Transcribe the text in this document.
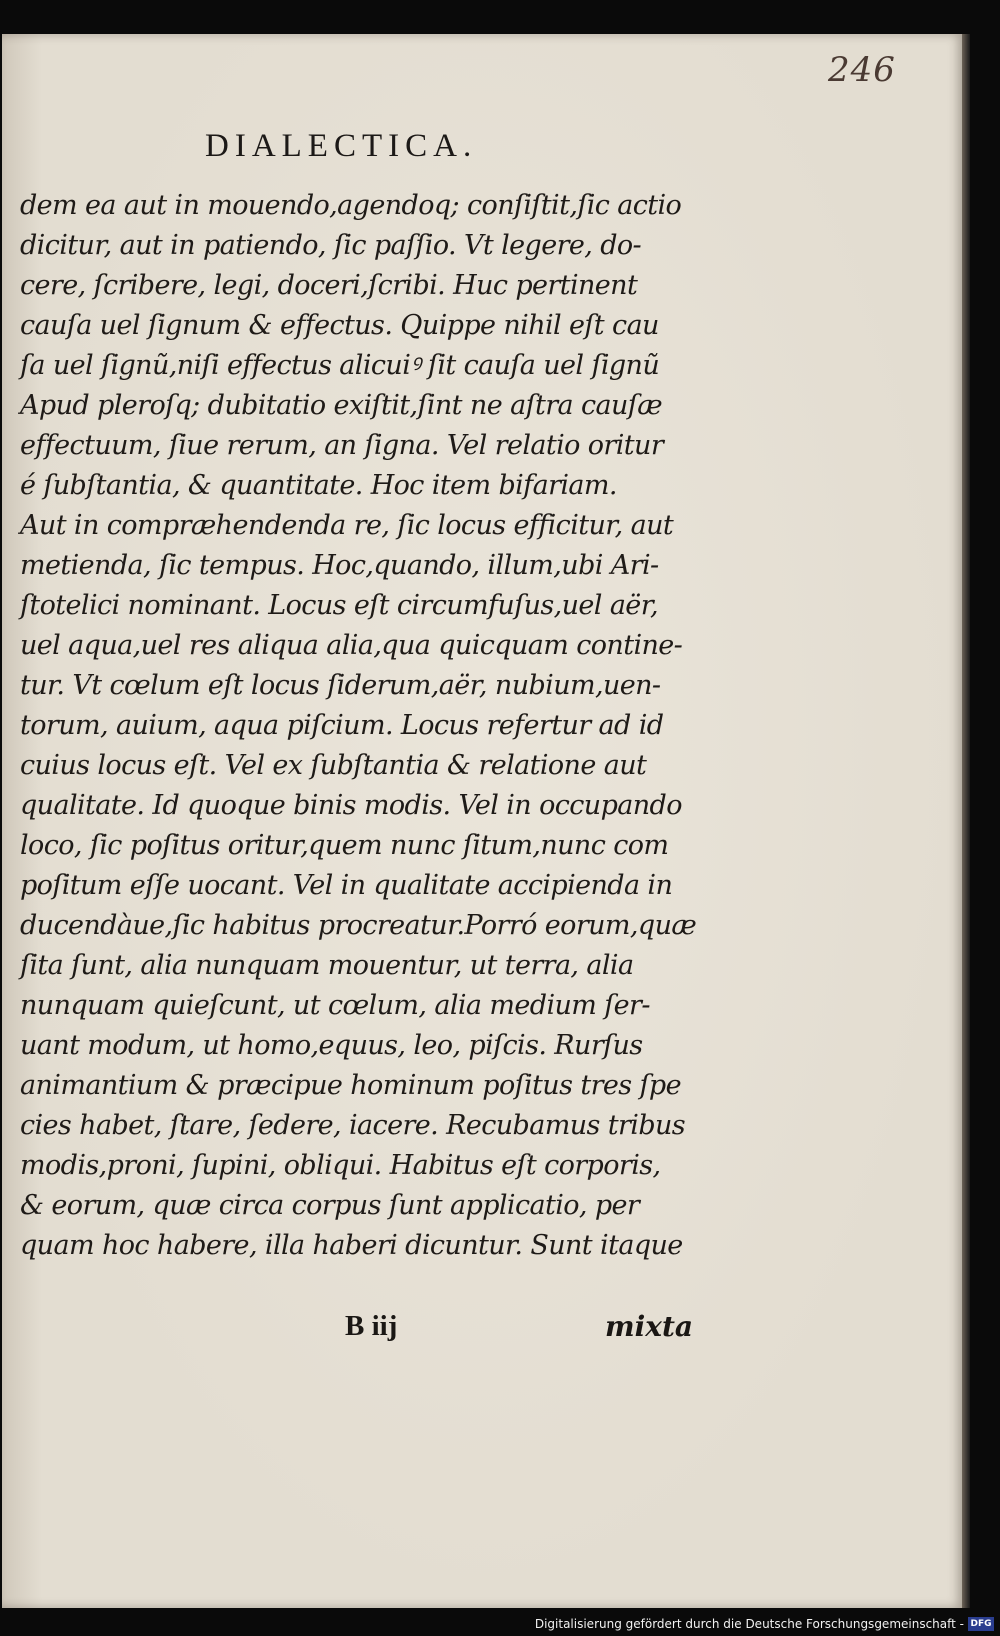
246
DIALECTICA.
dem ea aut in mouendo,agendoq; conſiſtit,ſic actio
dicitur, aut in patiendo, ſic paſſio. Vt legere, do-
cere, ſcribere, legi, doceri,ſcribi. Huc pertinent
cauſa uel ſignum & effectus. Quippe nihil eſt cau
ſa uel ſignũ,niſi effectus alicuiꝰ ſit cauſa uel ſignũ
Apud pleroſq; dubitatio exiſtit,ſint ne aſtra cauſæ
effectuum, ſiue rerum, an ſigna. Vel relatio oritur
é ſubſtantia, & quantitate. Hoc item bifariam.
Aut in compræhendenda re, ſic locus efficitur, aut
metienda, ſic tempus. Hoc,quando, illum,ubi Ari-
ſtotelici nominant. Locus eſt circumfuſus,uel aër,
uel aqua,uel res aliqua alia,qua quicquam contine-
tur. Vt cœlum eſt locus ſiderum,aër, nubium,uen-
torum, auium, aqua piſcium. Locus refertur ad id
cuius locus eſt. Vel ex ſubſtantia & relatione aut
qualitate. Id quoque binis modis. Vel in occupando
loco, ſic poſitus oritur,quem nunc ſitum,nunc com
poſitum eſſe uocant. Vel in qualitate accipienda in
ducendàue,ſic habitus procreatur.Porró eorum,quæ
ſita ſunt, alia nunquam mouentur, ut terra, alia
nunquam quieſcunt, ut cœlum, alia medium ſer-
uant modum, ut homo,equus, leo, piſcis. Rurſus
animantium & præcipue hominum poſitus tres ſpe
cies habet, ſtare, ſedere, iacere. Recubamus tribus
modis,proni, ſupini, obliqui. Habitus eſt corporis,
& eorum, quæ circa corpus ſunt applicatio, per
quam hoc habere, illa haberi dicuntur. Sunt itaque
B iij	mixta
Digitalisierung gefördert durch die Deutsche Forschungsgemeinschaft - DFG
